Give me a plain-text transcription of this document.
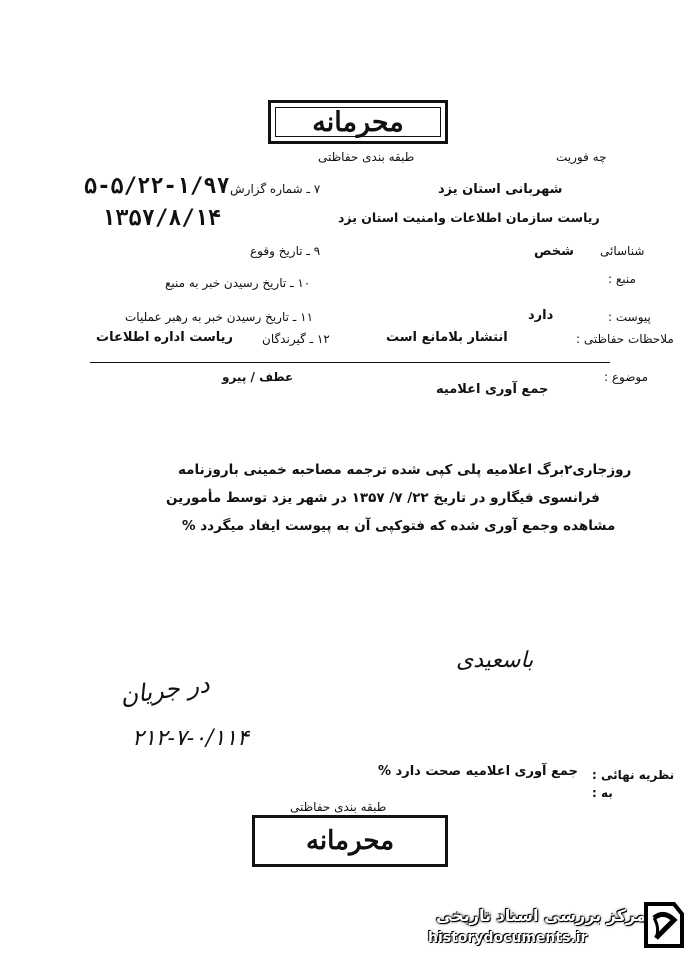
محرمانه
طبقه بندی حفاظتی	چه فوریت
شهربانی استان یزد
ریاست سازمان اطلاعات وامنیت استان یزد
شناسائی
شخص
منبع :
پیوست :
دارد
ملاحظات حفاظتی :
انتشار بلامانع است
۷ ـ شماره گزارش
۵-۵/۲۲-۱/۹۷
۱۳۵۷/۸/۱۴
۹ ـ تاریخ وقوع
۱۰ ـ تاریخ رسیدن خبر به منبع
۱۱ ـ تاریخ رسیدن خبر به رهبر عملیات
۱۲ ـ گیرندگان
ریاست اداره اطلاعات
موضوع :
جمع آوری اعلامیه
عطف / پیرو
روزجاری۲برگ اعلامیه پلی کپی شده ترجمه مصاحبه خمینی باروزنامه
فرانسوی فیگارو در تاریخ ۲۲/ ۷/ ۱۳۵۷ در شهر یزد توسط مأمورین
مشاهده وجمع آوری شده که فتوکپی آن به پیوست ایفاد میگردد %
باسعیدی
در جریان
۲۱۲-۷-۰/۱۱۴
نظریه نهائی :
جمع آوری اعلامیه صحت دارد %
به :
طبقه بندی حفاظتی
محرمانه
مرکز بررسی اسناد تاریخی
historydocuments.ir
